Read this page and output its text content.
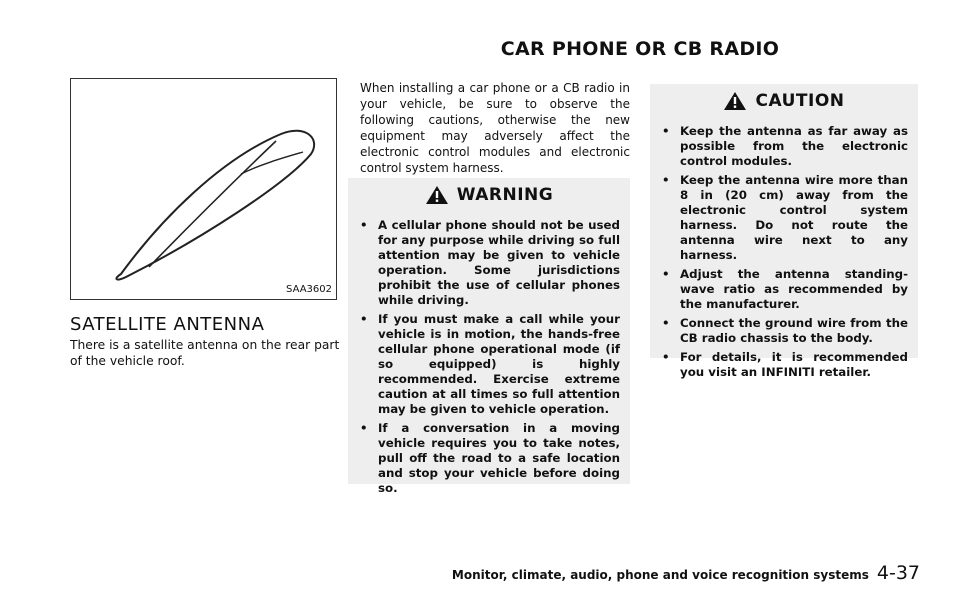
CAR PHONE OR CB RADIO
SAA3602
SATELLITE ANTENNA
There is a satellite antenna on the rear part of the vehicle roof.
When installing a car phone or a CB radio in your vehicle, be sure to observe the following cautions, otherwise the new equipment may adversely affect the electronic control modules and electronic control system harness.
WARNING
• A cellular phone should not be used for any purpose while driving so full attention may be given to vehicle operation. Some jurisdictions prohibit the use of cellular phones while driving.
• If you must make a call while your vehicle is in motion, the hands-free cellular phone operational mode (if so equipped) is highly recommended. Exercise extreme caution at all times so full attention may be given to vehicle operation.
• If a conversation in a moving vehicle requires you to take notes, pull off the road to a safe location and stop your vehicle before doing so.
CAUTION
• Keep the antenna as far away as possible from the electronic control modules.
• Keep the antenna wire more than 8 in (20 cm) away from the electronic control system harness. Do not route the antenna wire next to any harness.
• Adjust the antenna standing-wave ratio as recommended by the manufacturer.
• Connect the ground wire from the CB radio chassis to the body.
• For details, it is recommended you visit an INFINITI retailer.
Monitor, climate, audio, phone and voice recognition systems 4-37
